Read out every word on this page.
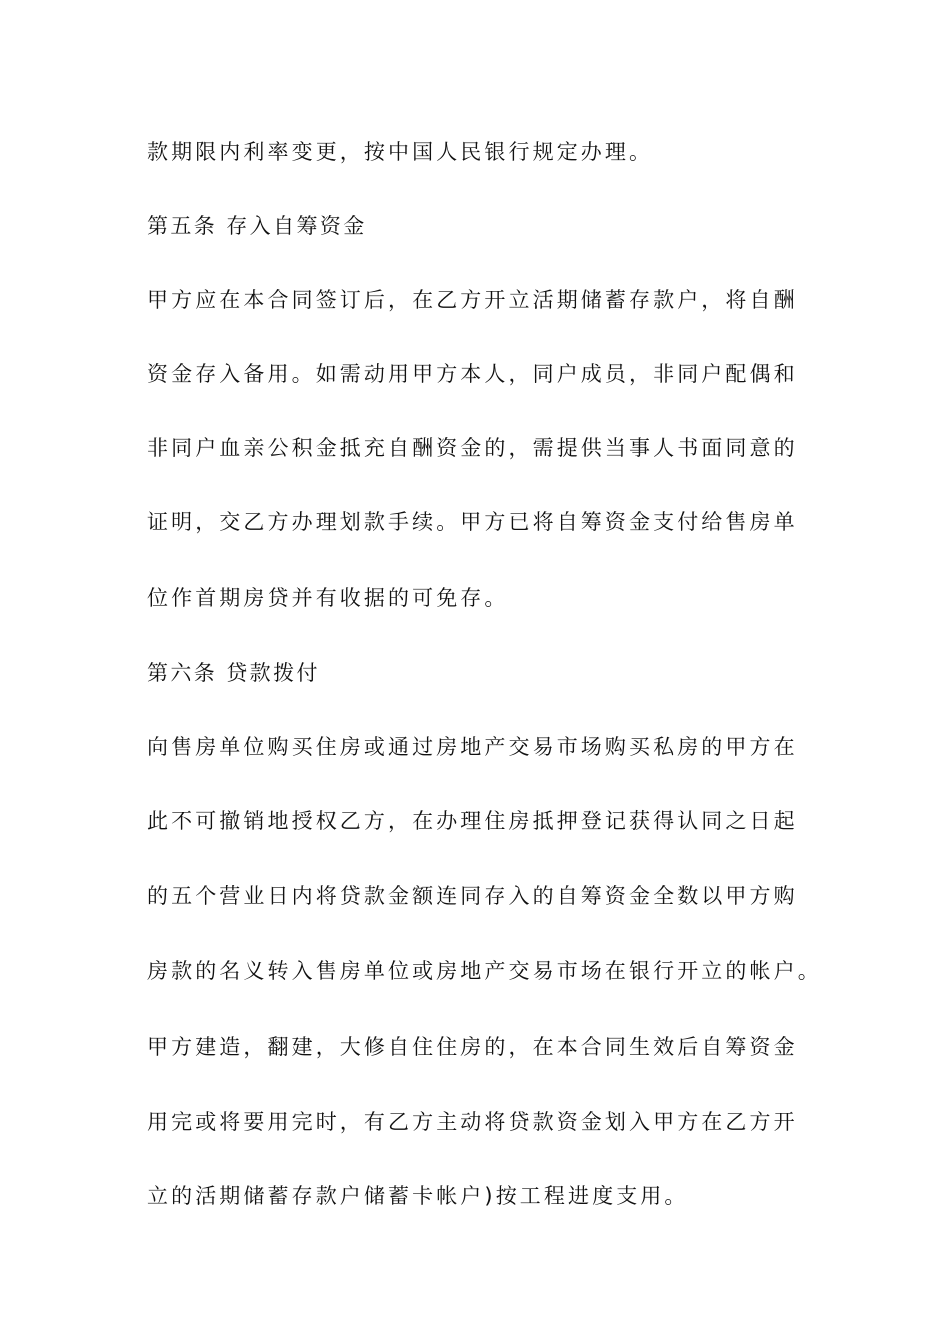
款期限内利率变更，按中国人民银行规定办理。
第五条 存入自筹资金
甲方应在本合同签订后，在乙方开立活期储蓄存款户，将自酬
资金存入备用。如需动用甲方本人，同户成员，非同户配偶和
非同户血亲公积金抵充自酬资金的，需提供当事人书面同意的
证明，交乙方办理划款手续。甲方已将自筹资金支付给售房单
位作首期房贷并有收据的可免存。
第六条 贷款拨付
向售房单位购买住房或通过房地产交易市场购买私房的甲方在
此不可撤销地授权乙方，在办理住房抵押登记获得认同之日起
的五个营业日内将贷款金额连同存入的自筹资金全数以甲方购
房款的名义转入售房单位或房地产交易市场在银行开立的帐户。
甲方建造，翻建，大修自住住房的，在本合同生效后自筹资金
用完或将要用完时，有乙方主动将贷款资金划入甲方在乙方开
立的活期储蓄存款户储蓄卡帐户)按工程进度支用。
